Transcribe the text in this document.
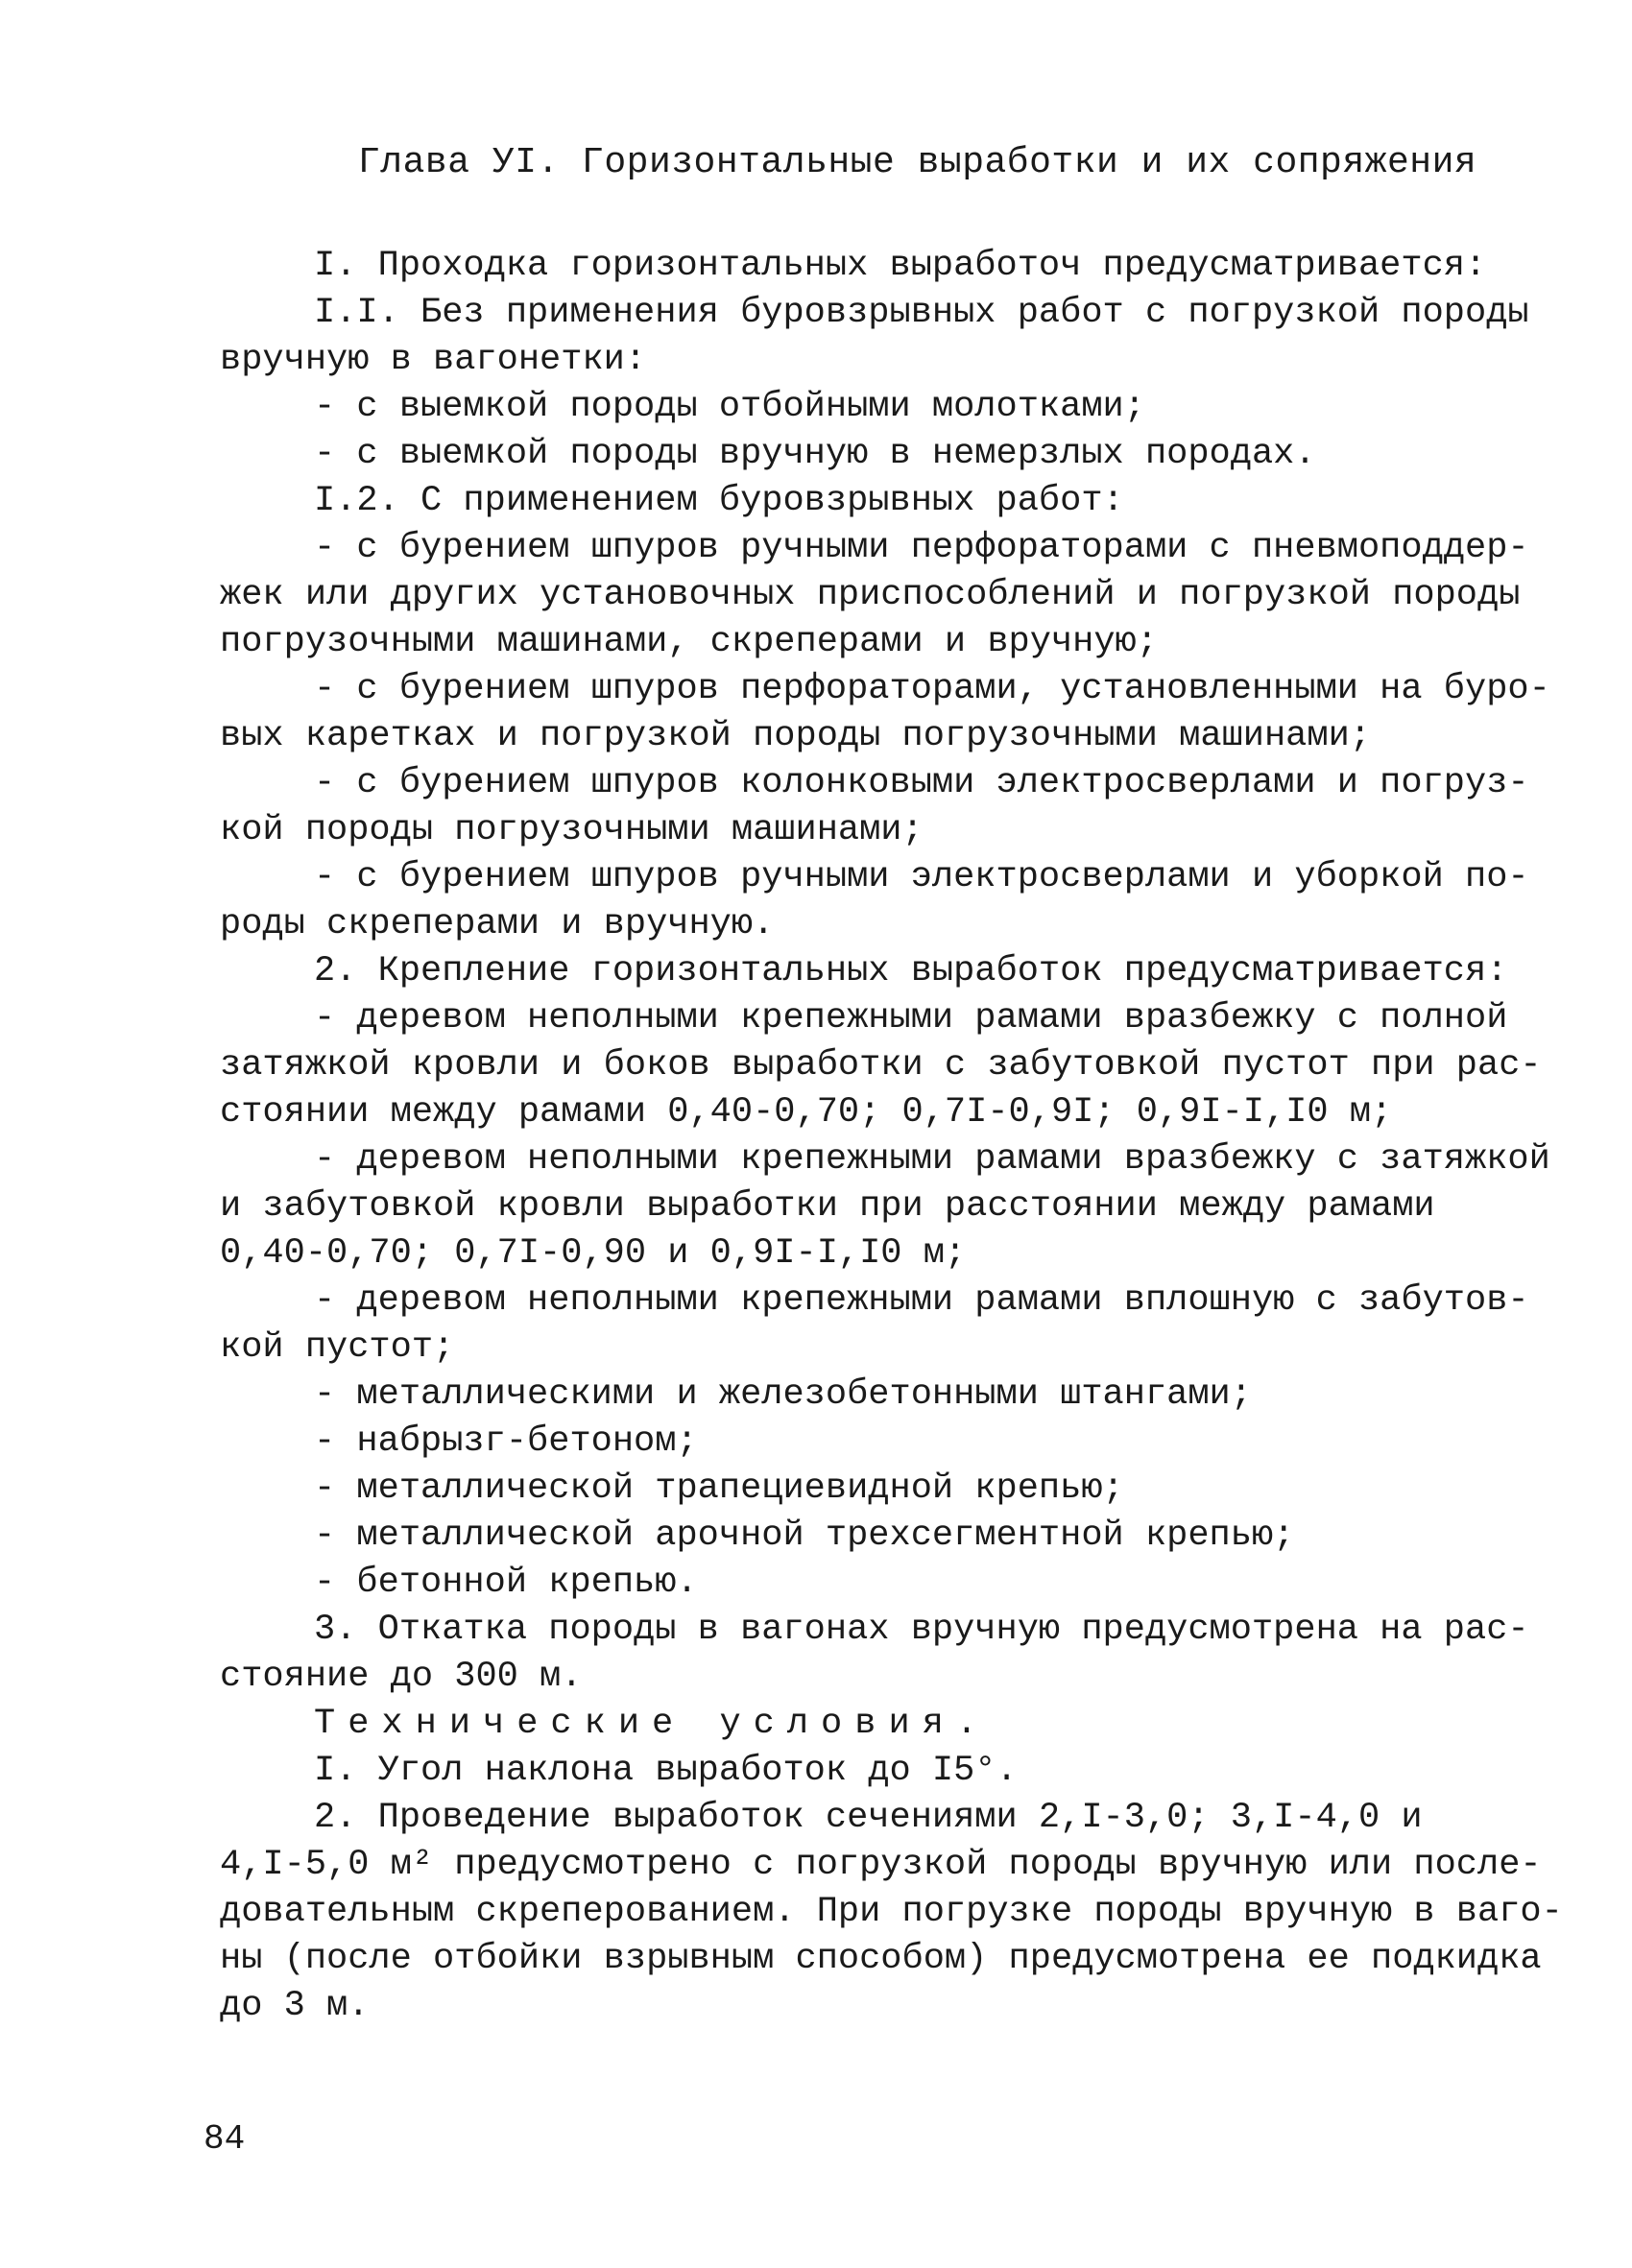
Глава УI. Горизонтальные выработки и их сопряжения
I. Проходка горизонтальных выработоч предусматривается:
I.I. Без применения буровзрывных работ с погрузкой породы
вручную в вагонетки:
- с выемкой породы отбойными молотками;
- с выемкой породы вручную в немерзлых породах.
I.2. С применением буровзрывных работ:
- с бурением шпуров ручными перфораторами с пневмоподдер-
жек или других установочных приспособлений и погрузкой породы
погрузочными машинами, скреперами и вручную;
- с бурением шпуров перфораторами, установленными на буро-
вых каретках и погрузкой породы погрузочными машинами;
- с бурением шпуров колонковыми электросверлами и погруз-
кой породы погрузочными машинами;
- с бурением шпуров ручными электросверлами и уборкой по-
роды скреперами и вручную.
2. Крепление горизонтальных выработок предусматривается:
- деревом неполными крепежными рамами вразбежку с полной
затяжкой кровли и боков выработки с забутовкой пустот при рас-
стоянии между рамами 0,40-0,70; 0,7I-0,9I; 0,9I-I,I0 м;
- деревом неполными крепежными рамами вразбежку с затяжкой
и забутовкой кровли выработки при расстоянии между рамами
0,40-0,70; 0,7I-0,90 и 0,9I-I,I0 м;
- деревом неполными крепежными рамами вплошную с забутов-
кой пустот;
- металлическими и железобетонными штангами;
- набрызг-бетоном;
- металлической трапециевидной крепью;
- металлической арочной трехсегментной крепью;
- бетонной крепью.
3. Откатка породы в вагонах вручную предусмотрена на рас-
стояние до 300 м.
Технические условия.
I. Угол наклона выработок до I5°.
2. Проведение выработок сечениями 2,I-3,0; 3,I-4,0 и
4,I-5,0 м² предусмотрено с погрузкой породы вручную или после-
довательным скреперованием. При погрузке породы вручную в ваго-
ны (после отбойки взрывным способом) предусмотрена ее подкидка
до 3 м.
84
